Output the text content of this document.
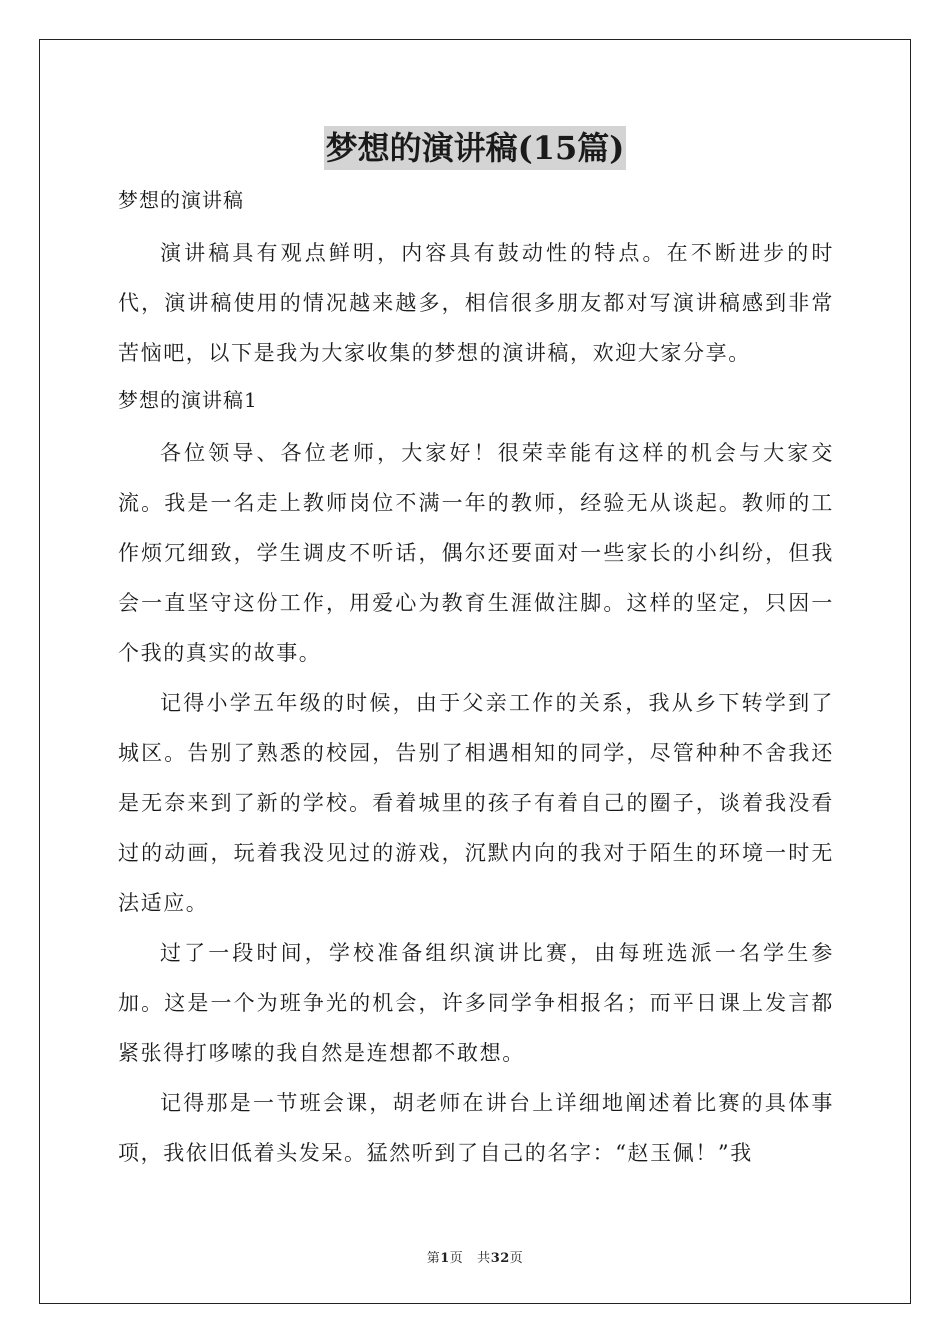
梦想的演讲稿(15篇)

梦想的演讲稿

演讲稿具有观点鲜明，内容具有鼓动性的特点。在不断进步的时代，演讲稿使用的情况越来越多，相信很多朋友都对写演讲稿感到非常苦恼吧，以下是我为大家收集的梦想的演讲稿，欢迎大家分享。

梦想的演讲稿1

各位领导、各位老师，大家好！很荣幸能有这样的机会与大家交流。我是一名走上教师岗位不满一年的教师，经验无从谈起。教师的工作烦冗细致，学生调皮不听话，偶尔还要面对一些家长的小纠纷，但我会一直坚守这份工作，用爱心为教育生涯做注脚。这样的坚定，只因一个我的真实的故事。

记得小学五年级的时候，由于父亲工作的关系，我从乡下转学到了城区。告别了熟悉的校园，告别了相遇相知的同学，尽管种种不舍我还是无奈来到了新的学校。看着城里的孩子有着自己的圈子，谈着我没看过的动画，玩着我没见过的游戏，沉默内向的我对于陌生的环境一时无法适应。

过了一段时间，学校准备组织演讲比赛，由每班选派一名学生参加。这是一个为班争光的机会，许多同学争相报名；而平日课上发言都紧张得打哆嗦的我自然是连想都不敢想。

记得那是一节班会课，胡老师在讲台上详细地阐述着比赛的具体事项，我依旧低着头发呆。猛然听到了自己的名字：“赵玉佩！”我

第1页 共32页
